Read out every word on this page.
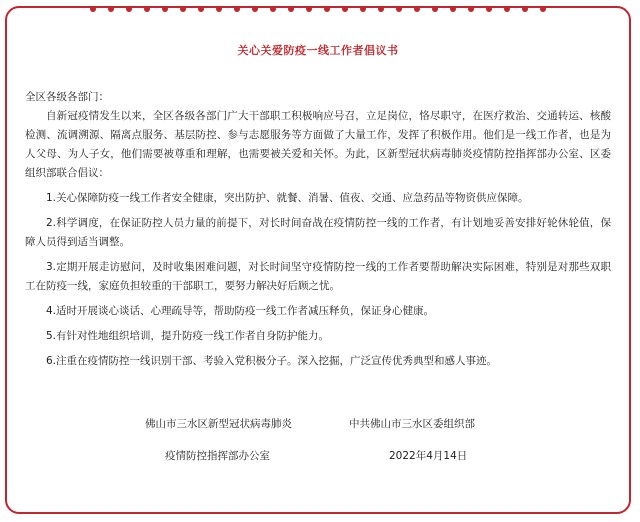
关心关爱防疫一线工作者倡议书

全区各级各部门：

自新冠疫情发生以来，全区各级各部门广大干部职工积极响应号召，立足岗位，恪尽职守，在医疗救治、交通转运、核酸检测、流调溯源、隔离点服务、基层防控、参与志愿服务等方面做了大量工作，发挥了积极作用。他们是一线工作者，也是为人父母、为人子女，他们需要被尊重和理解，也需要被关爱和关怀。为此，区新型冠状病毒肺炎疫情防控指挥部办公室、区委组织部联合倡议：

1.关心保障防疫一线工作者安全健康，突出防护、就餐、消暑、值夜、交通、应急药品等物资供应保障。

2.科学调度，在保证防控人员力量的前提下，对长时间奋战在疫情防控一线的工作者，有计划地妥善安排好轮休轮值，保障人员得到适当调整。

3.定期开展走访慰问，及时收集困难问题，对长时间坚守疫情防控一线的工作者要帮助解决实际困难，特别是对那些双职工在防疫一线，家庭负担较重的干部职工，要努力解决好后顾之忧。

4.适时开展谈心谈话、心理疏导等，帮助防疫一线工作者减压释负，保证身心健康。

5.有针对性地组织培训，提升防疫一线工作者自身防护能力。

6.注重在疫情防控一线识别干部、考验入党积极分子。深入挖掘，广泛宣传优秀典型和感人事迹。

佛山市三水区新型冠状病毒肺炎	中共佛山市三水区委组织部
疫情防控指挥部办公室	2022年4月14日
